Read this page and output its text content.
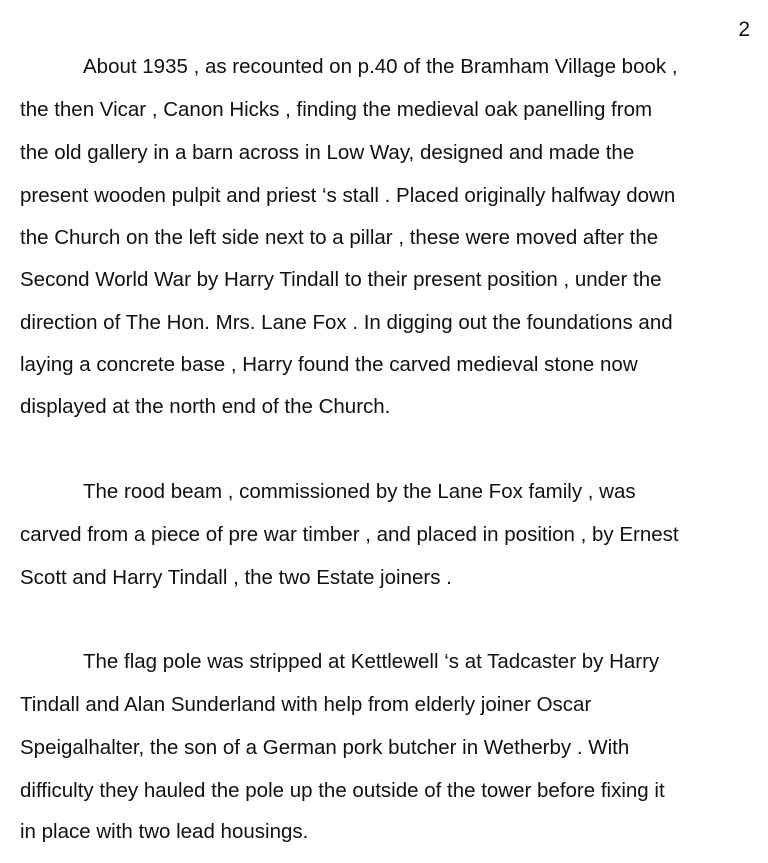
2
About 1935 , as recounted on p.40 of the Bramham Village book ,
the then Vicar , Canon Hicks , finding the medieval oak panelling from
the old gallery in a barn across in Low Way, designed and made the
present wooden pulpit and priest ‘s stall . Placed originally halfway down
the Church on the left side next to a pillar , these were moved after the
Second World War by Harry Tindall to their present position , under the
direction of The Hon. Mrs. Lane Fox . In digging out the foundations and
laying a concrete base , Harry found the carved medieval stone now
displayed at the north end of the Church.
The rood beam , commissioned by the Lane Fox family , was
carved from a piece of pre war timber , and placed in position , by Ernest
Scott and Harry Tindall , the two Estate joiners .
The flag pole was stripped at Kettlewell ‘s at Tadcaster by Harry
Tindall and Alan Sunderland with help from elderly joiner Oscar
Speigalhalter, the son of a German pork butcher in Wetherby . With
difficulty they hauled the pole up the outside of the tower before fixing it
in place with two lead housings.
